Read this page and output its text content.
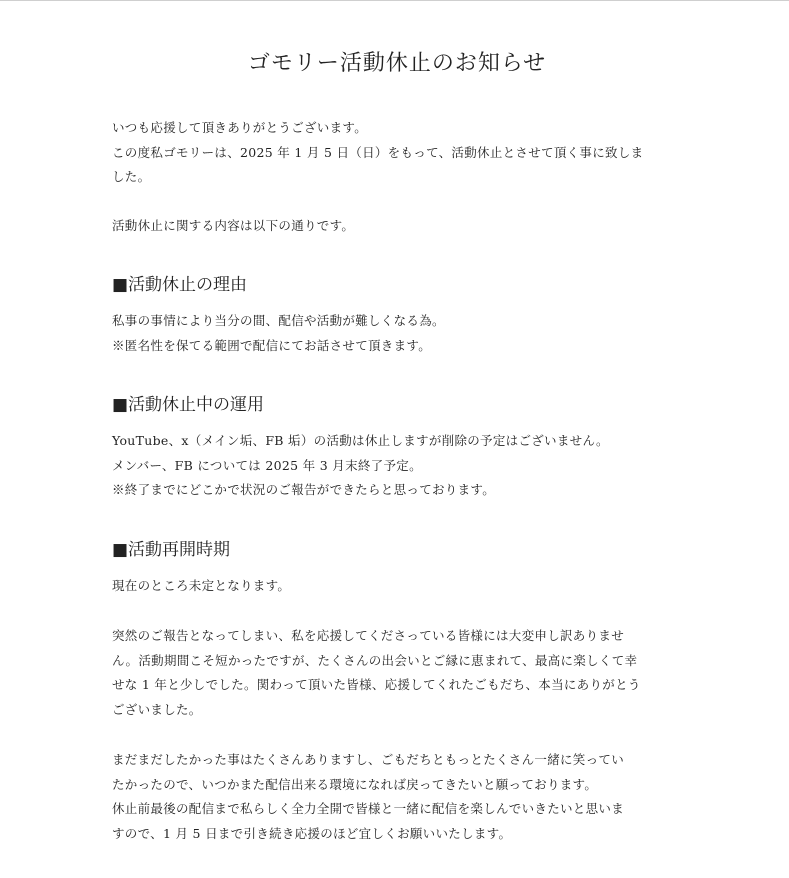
ゴモリー活動休止のお知らせ

いつも応援して頂きありがとうございます。
この度私ゴモリーは、2025 年 1 月 5 日（日）をもって、活動休止とさせて頂く事に致しま
した。

活動休止に関する内容は以下の通りです。

■活動休止の理由

私事の事情により当分の間、配信や活動が難しくなる為。
※匿名性を保てる範囲で配信にてお話させて頂きます。

■活動休止中の運用

YouTube、x（メイン垢、FB 垢）の活動は休止しますが削除の予定はございません。
メンバー、FB については 2025 年 3 月末終了予定。
※終了までにどこかで状況のご報告ができたらと思っております。

■活動再開時期

現在のところ未定となります。

突然のご報告となってしまい、私を応援してくださっている皆様には大変申し訳ありませ
ん。活動期間こそ短かったですが、たくさんの出会いとご縁に恵まれて、最高に楽しくて幸
せな 1 年と少しでした。関わって頂いた皆様、応援してくれたごもだち、本当にありがとう
ございました。

まだまだしたかった事はたくさんありますし、ごもだちともっとたくさん一緒に笑ってい
たかったので、いつかまた配信出来る環境になれば戻ってきたいと願っております。
休止前最後の配信まで私らしく全力全開で皆様と一緒に配信を楽しんでいきたいと思いま
すので、1 月 5 日まで引き続き応援のほど宜しくお願いいたします。
